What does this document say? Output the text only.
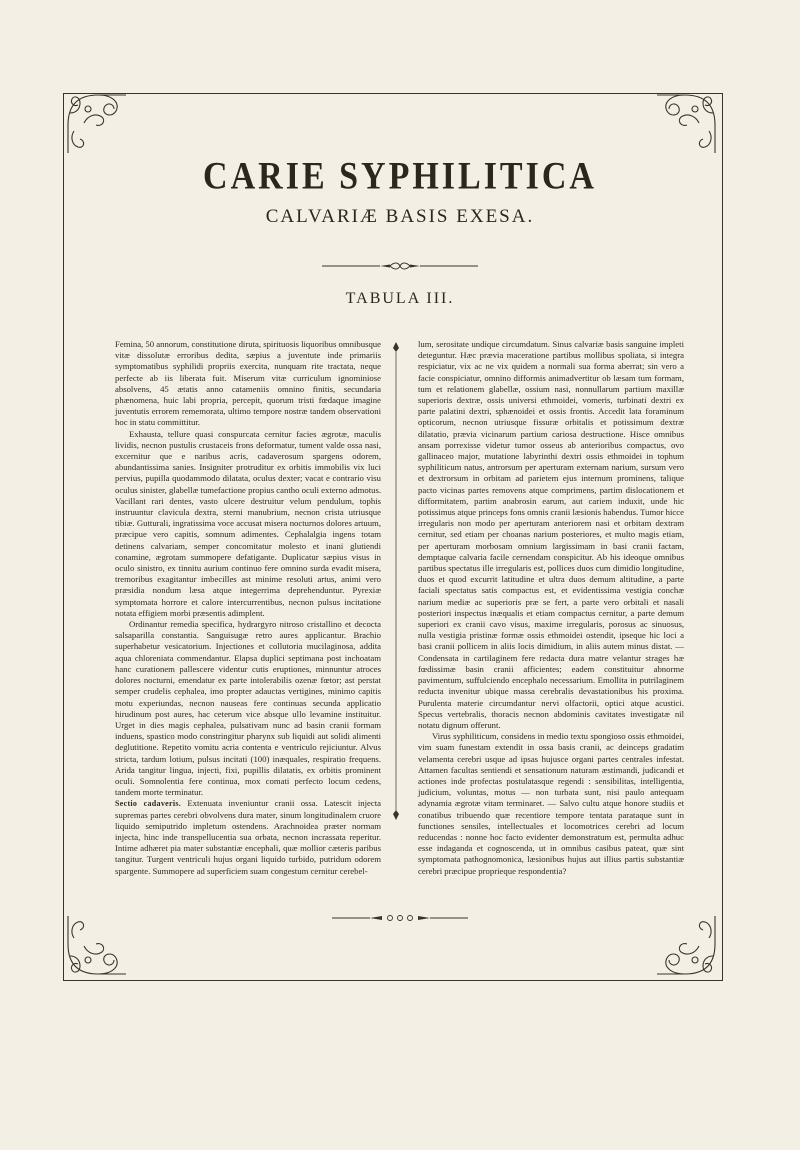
CARIE SYPHILITICA
CALVARIÆ BASIS EXESA.
TABULA III.

Femina, 50 annorum, constitutione diruta, spirituosis liquoribus omnibusque vitæ dissolutæ erroribus dedita, sæpius a juventute inde primariis symptomatibus syphilidi propriis exercita, nunquam rite tractata, neque perfecte ab iis liberata fuit. Miserum vitæ curriculum ignominiose absolvens, 45 ætatis anno catameniis omnino finitis, secundaria phænomena, huic labi propria, percepit, quorum tristi fœdaque imagine juventutis errorem rememorata, ultimo tempore nostræ tandem observationi hoc in statu committitur.

Exhausta, tellure quasi conspurcata cernitur facies ægrotæ, maculis lividis, necnon pustulis crustaceis frons deformatur, tument valde ossa nasi, excernitur que e naribus acris, cadaverosum spargens odorem, abundantissima sanies. Insigniter protruditur ex orbitis immobilis vix luci pervius, pupilla quodammodo dilatata, oculus dexter; vacat e contrario visu oculus sinister, glabellæ tumefactione propius cantho oculi externo admotus. Vacillant rari dentes, vasto ulcere destruitur velum pendulum, tophis instruuntur clavicula dextra, sterni manubrium, necnon crista utriusque tibiæ. Gutturali, ingratissima voce accusat misera nocturnos dolores artuum, præcipue vero capitis, somnum adimentes. Cephalalgia ingens totam detinens calvariam, semper concomitatur molesto et inani glutiendi conamine, ægrotam summopere defatigante. Duplicatur sæpius visus in oculo sinistro, ex tinnitu aurium continuo fere omnino surda evadit misera, tremoribus exagitantur imbecilles ast minime resoluti artus, animi vero præsidia nondum læsa atque integerrima deprehenduntur. Pyrexiæ symptomata horrore et calore intercurrentibus, necnon pulsus incitatione notata effigiem morbi præsentis adimplent.

Ordinantur remedia specifica, hydrargyro nitroso cristallino et decocta salsaparilla constantia. Sanguisugæ retro aures applicantur. Brachio superhabetur vesicatorium. Injectiones et collutoria mucilaginosa, addita aqua chloreniata commendantur. Elapsa duplici septimana post inchoatam hanc curationem pallescere videntur cutis eruptiones, minnuntur atroces dolores nocturni, emendatur ex parte intolerabilis ozenæ fœtor; ast perstat semper crudelis cephalea, imo propter adauctas vertigines, minimo capitis motu experiundas, necnon nauseas fere continuas secunda applicatio hirudinum post aures, hac ceterum vice absque ullo levamine instituitur. Urget in dies magis cephalea, pulsativam nunc ad basin cranii formam induens, spastico modo constringitur pharynx sub liquidi aut solidi alimenti deglutitione. Repetito vomitu acria contenta e ventriculo rejiciuntur. Alvus stricta, tardum lotium, pulsus incitati (100) inæquales, respiratio frequens. Arida tangitur lingua, injecti, fixi, pupillis dilatatis, ex orbitis prominent oculi. Somnolentia fere continua, mox comati perfecto locum cedens, tandem morte terminatur.

Sectio cadaveris. Extenuata inveniuntur cranii ossa. Latescit injecta supremas partes cerebri obvolvens dura mater, sinum longitudinalem cruore liquido semiputrido impletum ostendens. Arachnoidea præter normam injecta, hinc inde transpellucentia sua orbata, necnon incrassata reperitur. Intime adhæret pia mater substantiæ encephali, quæ mollior cæteris paribus tangitur. Turgent ventriculi hujus organi liquido turbido, putridum odorem spargente. Summopere ad superficiem suam congestum cernitur cerebel-

lum, serositate undique circumdatum. Sinus calvariæ basis sanguine impleti deteguntur. Hæc prævia maceratione partibus mollibus spoliata, si integra respiciatur, vix ac ne vix quidem a normali sua forma aberrat; sin vero a facie conspiciatur, omnino difformis animadvertitur ob læsam tum formam, tum et relationem glabellæ, ossium nasi, nonnullarum partium maxillæ superioris dextræ, ossis universi ethmoidei, vomeris, turbinati dextri ex parte palatini dextri, sphænoidei et ossis frontis. Accedit lata foraminum opticorum, necnon utriusque fissuræ orbitalis et potissimum dextræ dilatatio, prævia vicinarum partium cariosa destructione. Hisce omnibus ansam porrexisse videtur tumor osseus ab anterioribus compactus, ovo gallinaceo major, mutatione labyrinthi dextri ossis ethmoidei in tophum syphiliticum natus, antrorsum per aperturam externam narium, sursum vero et dextrorsum in orbitam ad parietem ejus internum prominens, talique pacto vicinas partes removens atque comprimens, partim dislocationem et difformitatem, partim anabrosin earum, aut cariem induxit, unde hic potissimus atque princeps fons omnis cranii læsionis habendus. Tumor hicce irregularis non modo per aperturam anteriorem nasi et orbitam dextram cernitur, sed etiam per choanas narium posteriores, et multo magis etiam, per aperturam morbosam omnium largissimam in basi cranii factam, demptaque calvaria facile cernendam conspicitur. Ab his ideoque omnibus partibus spectatus ille irregularis est, pollices duos cum dimidio longitudine, duos et quod excurrit latitudine et ultra duos demum altitudine, a parte faciali spectatus satis compactus est, et evidentissima vestigia conchæ narium mediæ ac superioris præ se fert, a parte vero orbitali et nasali posteriori inspectus inæqualis et etiam compactus cernitur, a parte demum superiori ex cranii cavo visus, maxime irregularis, porosus ac sinuosus, nulla vestigia pristinæ formæ ossis ethmoidei ostendit, ipseque hic loci a basi cranii pollicem in aliis locis dimidium, in aliis autem minus distat. — Condensata in cartilaginem fere redacta dura matre velantur strages hæ fœdissimæ basin cranii afficientes; eadem constituitur abnorme pavimentum, suffulciendo encephalo necessarium. Emollita in putrilaginem reducta invenitur ubique massa cerebralis devastationibus his proxima. Purulenta materie circumdantur nervi olfactorii, optici atque acustici. Specus vertebralis, thoracis necnon abdominis cavitates investigatæ nil notatu dignum offerunt.

Virus syphiliticum, considens in medio textu spongioso ossis ethmoidei, vim suam funestam extendit in ossa basis cranii, ac deinceps gradatim velamenta cerebri usque ad ipsas hujusce organi partes centrales infestat. Attamen facultas sentiendi et sensationum naturam æstimandi, judicandi et actiones inde profectas postulatasque regendi : sensibilitas, intelligentia, judicium, voluntas, motus — non turbata sunt, nisi paulo antequam adynamia ægrotæ vitam terminaret. — Salvo cultu atque honore studiis et conatibus tribuendo quæ recentiore tempore tentata parataque sunt in functiones sensiles, intellectuales et locomotrices cerebri ad locum reducendas : nonne hoc facto evidenter demonstratum est, permulta adhuc esse indaganda et cognoscenda, ut in omnibus casibus pateat, quæ sint symptomata pathognomonica, læsionibus hujus aut illius partis substantiæ cerebri præcipue proprieque respondentia?
